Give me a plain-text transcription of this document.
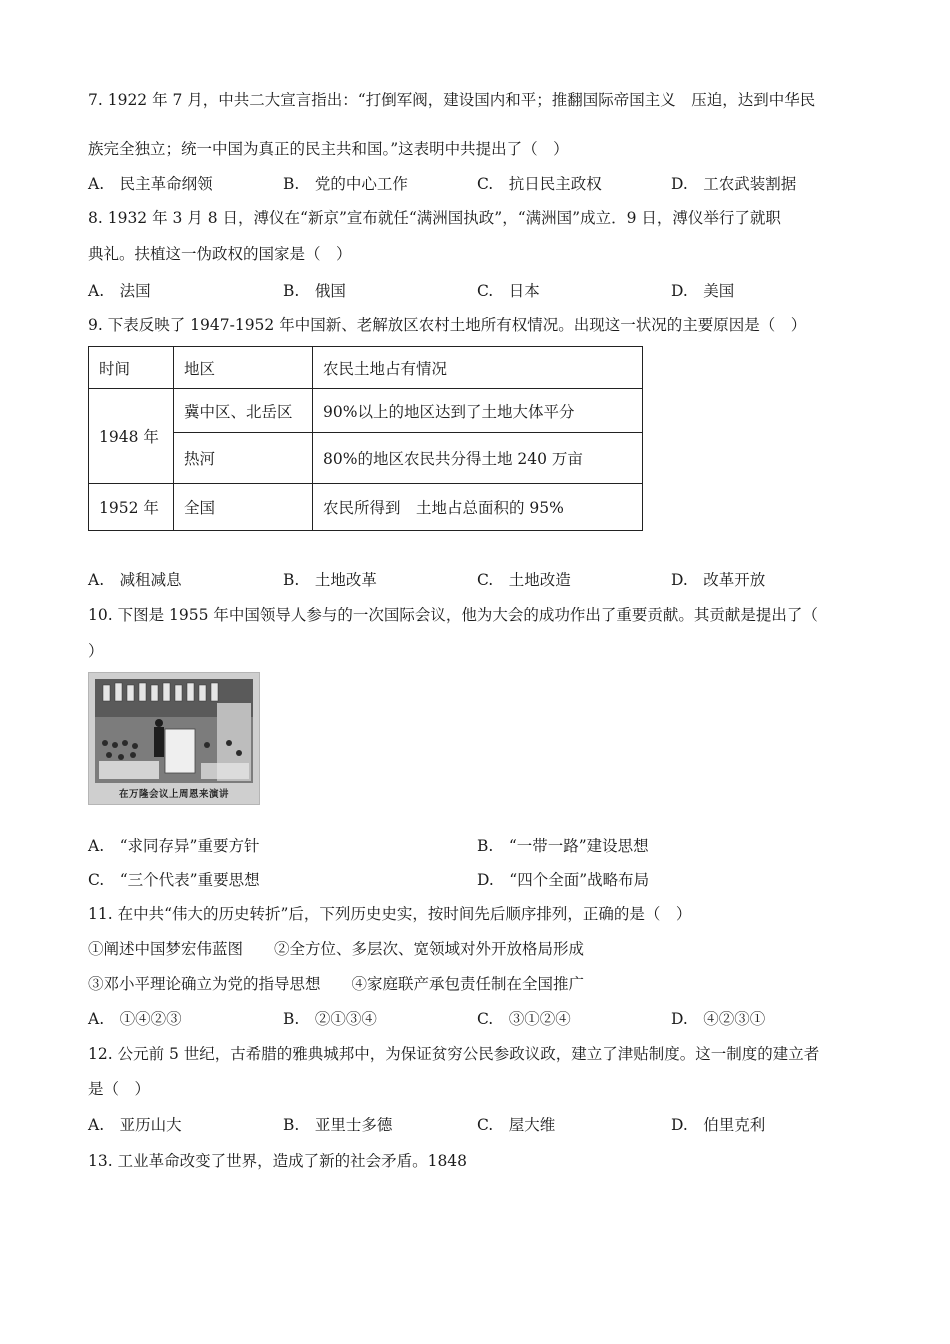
7. 1922 年 7 月，中共二大宣言指出：“打倒军阀，建设国内和平；推翻国际帝国主义　压迫，达到中华民
族完全独立；统一中国为真正的民主共和国。”这表明中共提出了（　）
A.　民主革命纲领	B.　党的中心工作	C.　抗日民主政权	D.　工农武装割据
8. 1932 年 3 月 8 日，溥仪在“新京”宣布就任“满洲国执政”，“满洲国”成立．9 日，溥仪举行了就职
典礼。扶植这一伪政权的国家是（　）
A.　法国	B.　俄国	C.　日本	D.　美国
9. 下表反映了 1947-1952 年中国新、老解放区农村土地所有权情况。出现这一状况的主要原因是（　）
时间	地区	农民土地占有情况
1948 年	冀中区、北岳区	90%以上的地区达到了土地大体平分
	热河	80%的地区农民共分得土地 240 万亩
1952 年	全国	农民所得到　土地占总面积的 95%
A.　减租减息	B.　土地改革	C.　土地改造	D.　改革开放
10. 下图是 1955 年中国领导人参与的一次国际会议，他为大会的成功作出了重要贡献。其贡献是提出了（
）
在万隆会议上周恩来演讲
A.　“求同存异”重要方针	B.　“一带一路”建设思想
C.　“三个代表”重要思想	D.　“四个全面”战略布局
11. 在中共“伟大的历史转折”后，下列历史史实，按时间先后顺序排列，正确的是（　）
①阐述中国梦宏伟蓝图　　②全方位、多层次、宽领域对外开放格局形成
③邓小平理论确立为党的指导思想　　④家庭联产承包责任制在全国推广
A.　①④②③	B.　②①③④	C.　③①②④	D.　④②③①
12. 公元前 5 世纪，古希腊的雅典城邦中，为保证贫穷公民参政议政，建立了津贴制度。这一制度的建立者
是（　）
A.　亚历山大	B.　亚里士多德	C.　屋大维	D.　伯里克利
13. 工业革命改变了世界，造成了新的社会矛盾。1848
